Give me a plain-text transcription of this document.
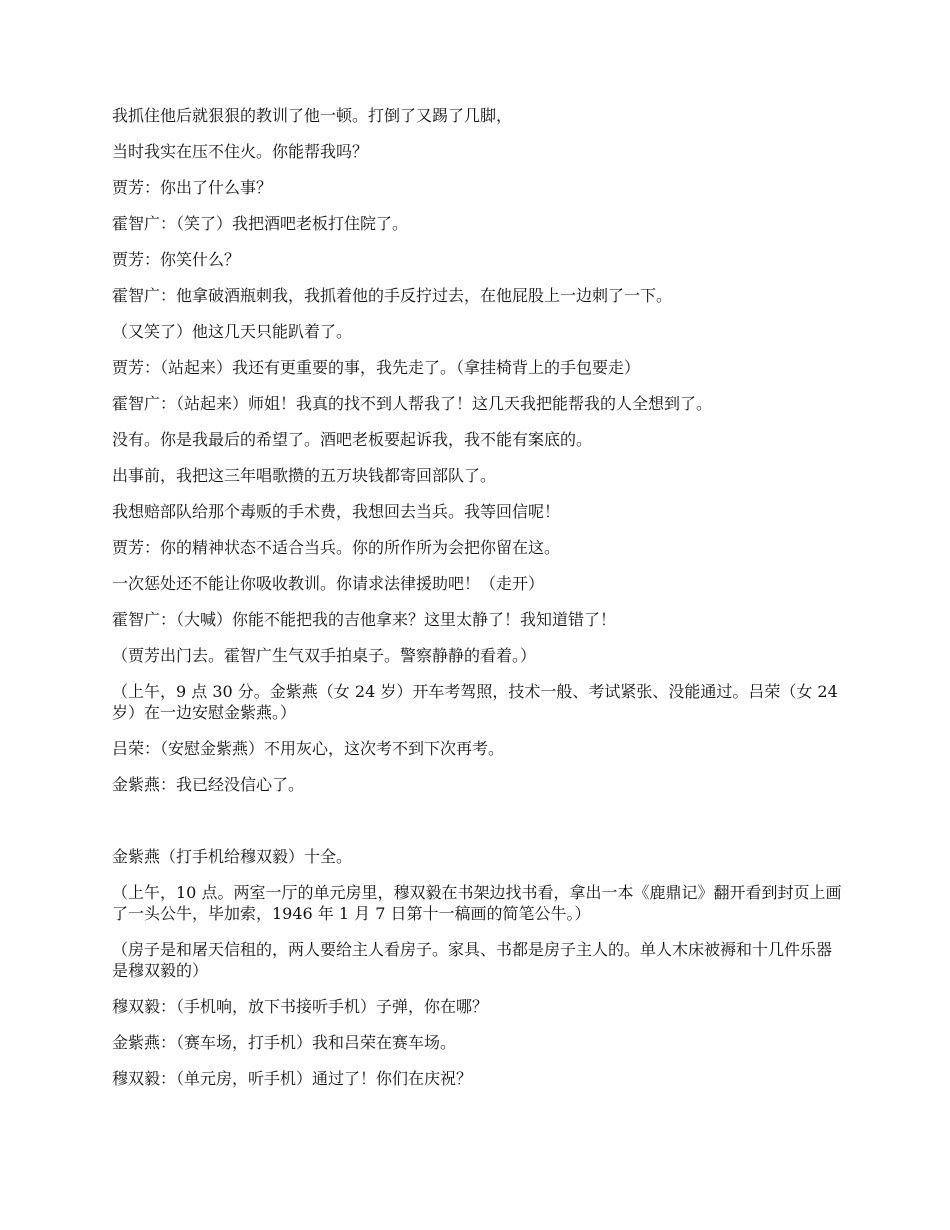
我抓住他后就狠狠的教训了他一顿。打倒了又踢了几脚，

当时我实在压不住火。你能帮我吗？

贾芳：你出了什么事？

霍智广：（笑了）我把酒吧老板打住院了。

贾芳：你笑什么？

霍智广：他拿破酒瓶刺我，我抓着他的手反拧过去，在他屁股上一边刺了一下。

（又笑了）他这几天只能趴着了。

贾芳：（站起来）我还有更重要的事，我先走了。（拿挂椅背上的手包要走）

霍智广：（站起来）师姐！我真的找不到人帮我了！这几天我把能帮我的人全想到了。

没有。你是我最后的希望了。酒吧老板要起诉我，我不能有案底的。

出事前，我把这三年唱歌攒的五万块钱都寄回部队了。

我想赔部队给那个毒贩的手术费，我想回去当兵。我等回信呢！

贾芳：你的精神状态不适合当兵。你的所作所为会把你留在这。

一次惩处还不能让你吸收教训。你请求法律援助吧！（走开）

霍智广：（大喊）你能不能把我的吉他拿来？这里太静了！我知道错了！

（贾芳出门去。霍智广生气双手拍桌子。警察静静的看着。）

（上午，9 点 30 分。金紫燕（女 24 岁）开车考驾照，技术一般、考试紧张、没能通过。吕荣（女 24 岁）在一边安慰金紫燕。）

吕荣：（安慰金紫燕）不用灰心，这次考不到下次再考。

金紫燕：我已经没信心了。

金紫燕（打手机给穆双毅）十全。

（上午，10 点。两室一厅的单元房里，穆双毅在书架边找书看，拿出一本《鹿鼎记》翻开看到封页上画了一头公牛，毕加索，1946 年 1 月 7 日第十一稿画的简笔公牛。）

（房子是和屠天信租的，两人要给主人看房子。家具、书都是房子主人的。单人木床被褥和十几件乐器是穆双毅的）

穆双毅：（手机响，放下书接听手机）子弹，你在哪？

金紫燕：（赛车场，打手机）我和吕荣在赛车场。

穆双毅：（单元房，听手机）通过了！你们在庆祝？
